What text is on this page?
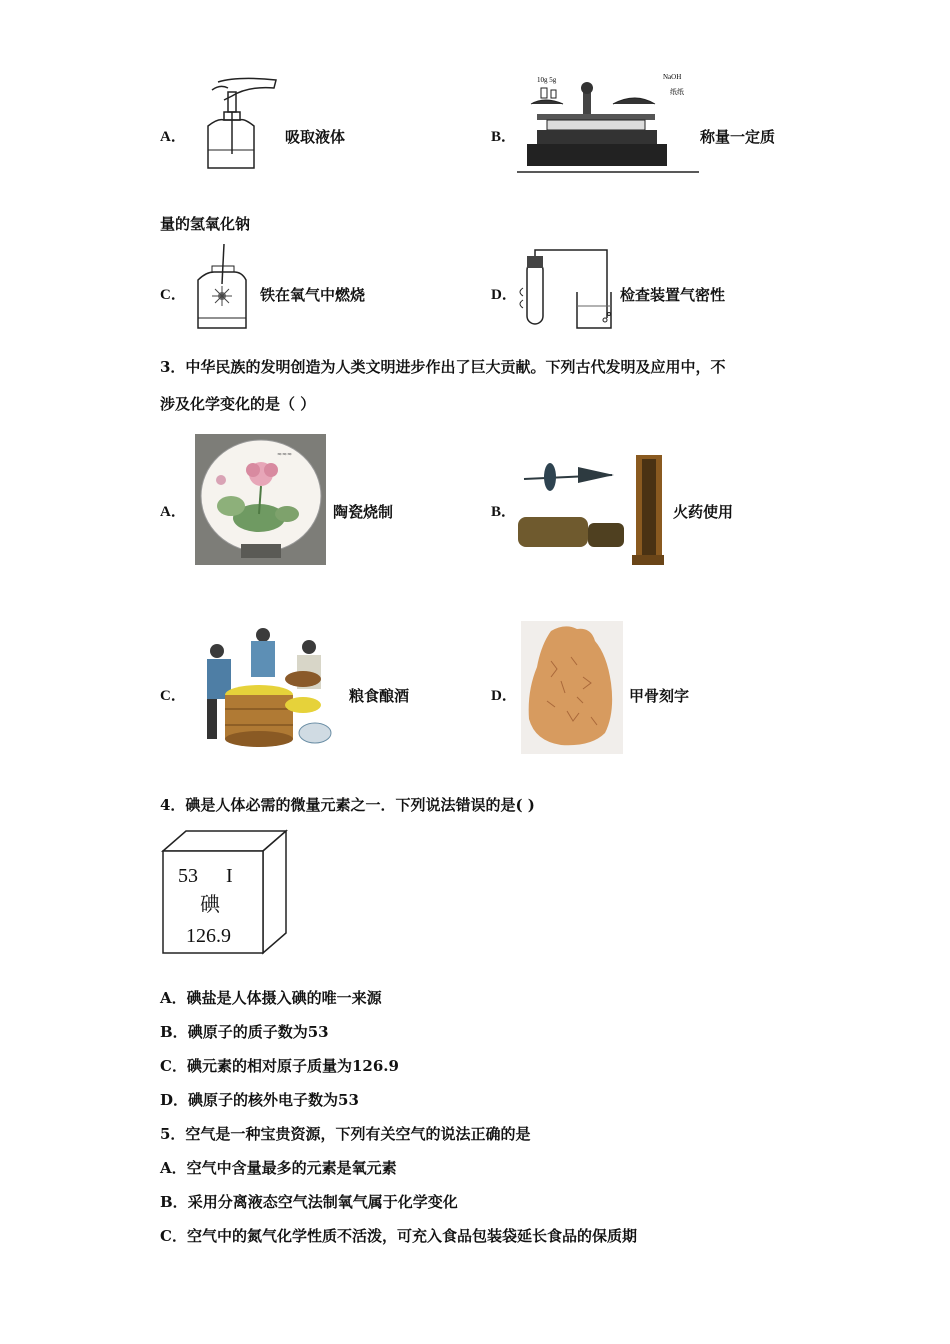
A．	吸取液体	B．
10g 5g	NaOH
纸纸
称量一定质
量的氢氧化钠
C．	铁在氧气中燃烧	D．	检查装置气密性
3．中华民族的发明创造为人类文明进步作出了巨大贡献。下列古代发明及应用中，不
涉及化学变化的是（ ）
A．
≈≈≈
陶瓷烧制	B．	火药使用
C．	粮食酿酒	D．	甲骨刻字
4．碘是人体必需的微量元素之一．下列说法错误的是( )
53 I
碘
126.9
A．碘盐是人体摄入碘的唯一来源
B．碘原子的质子数为53
C．碘元素的相对原子质量为126.9
D．碘原子的核外电子数为53
5．空气是一种宝贵资源，下列有关空气的说法正确的是
A．空气中含量最多的元素是氧元素
B．采用分离液态空气法制氧气属于化学变化
C．空气中的氮气化学性质不活泼，可充入食品包装袋延长食品的保质期
